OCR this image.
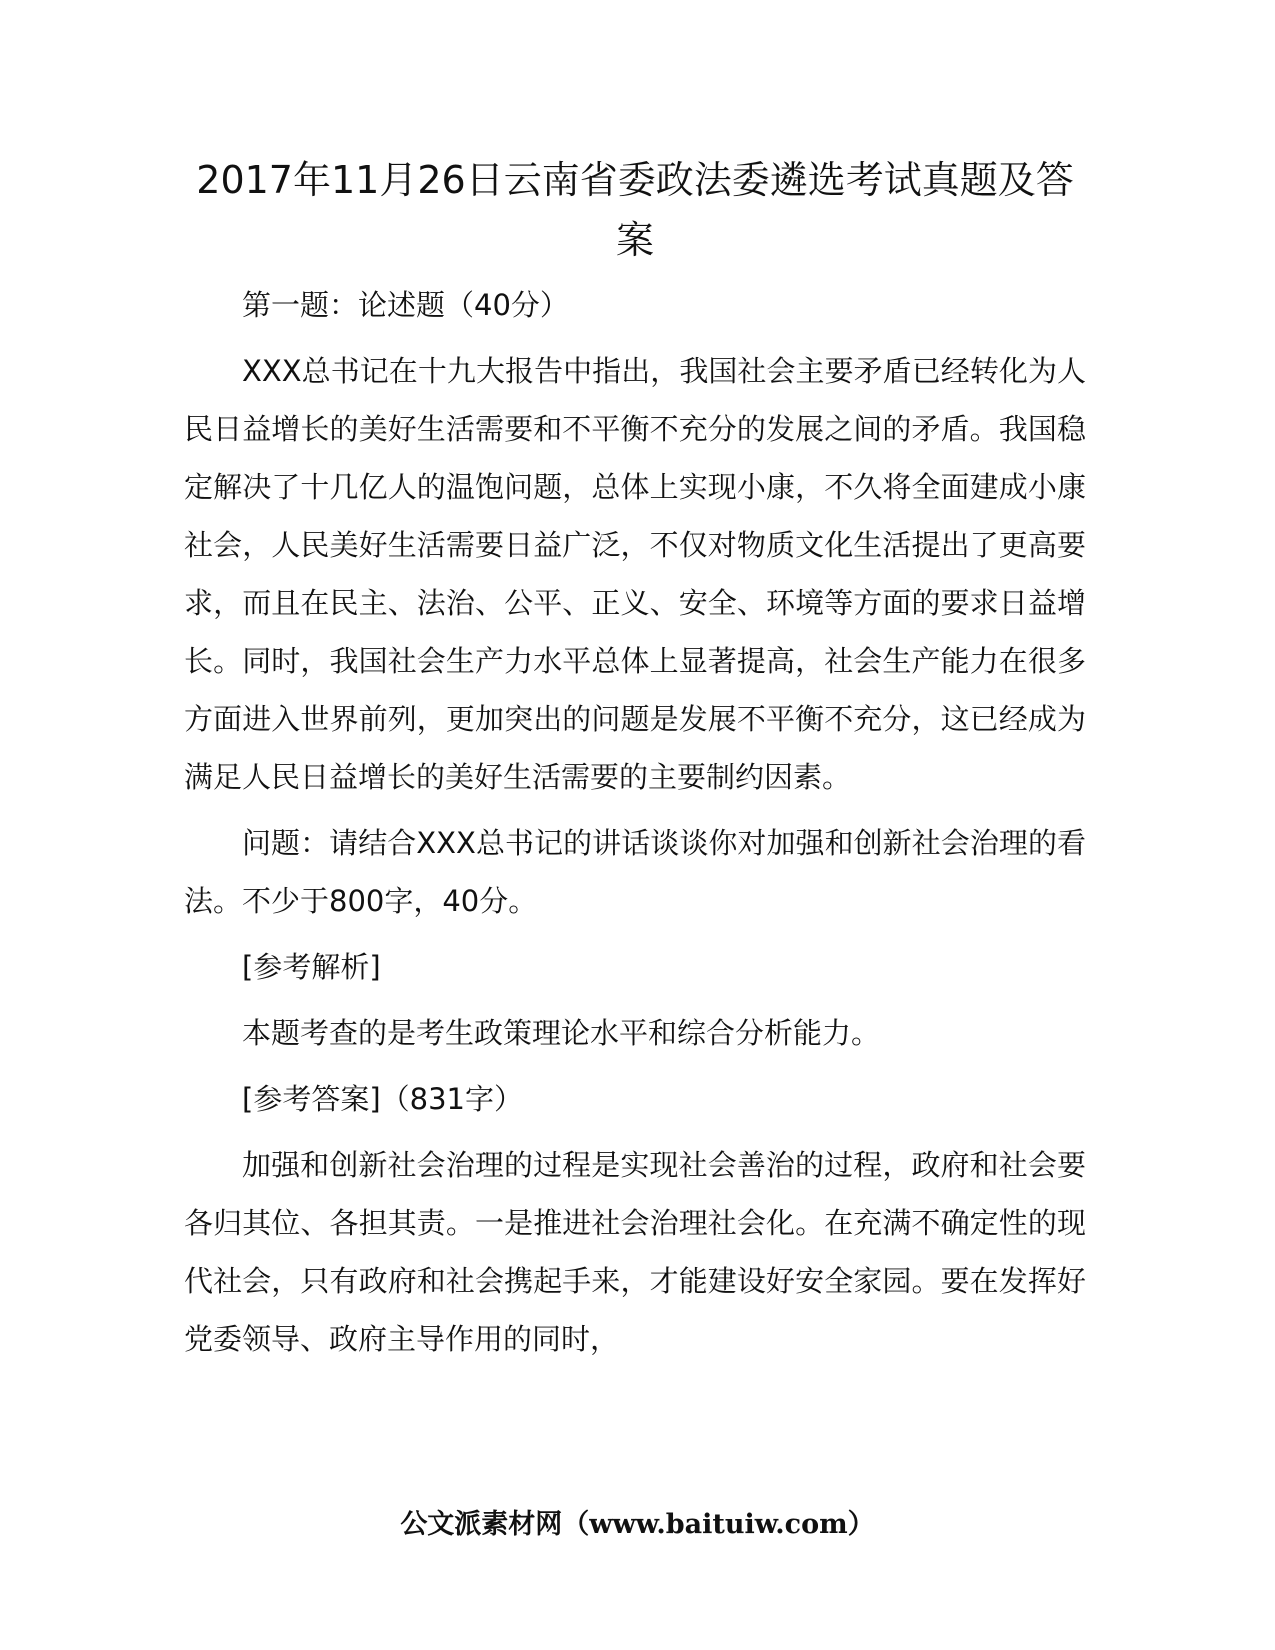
2017年11月26日云南省委政法委遴选考试真题及答案

第一题：论述题（40分）

XXX总书记在十九大报告中指出，我国社会主要矛盾已经转化为人民日益增长的美好生活需要和不平衡不充分的发展之间的矛盾。我国稳定解决了十几亿人的温饱问题，总体上实现小康，不久将全面建成小康社会，人民美好生活需要日益广泛，不仅对物质文化生活提出了更高要求，而且在民主、法治、公平、正义、安全、环境等方面的要求日益增长。同时，我国社会生产力水平总体上显著提高，社会生产能力在很多方面进入世界前列，更加突出的问题是发展不平衡不充分，这已经成为满足人民日益增长的美好生活需要的主要制约因素。

问题：请结合XXX总书记的讲话谈谈你对加强和创新社会治理的看法。不少于800字，40分。

[参考解析]

本题考查的是考生政策理论水平和综合分析能力。

[参考答案]（831字）

加强和创新社会治理的过程是实现社会善治的过程，政府和社会要各归其位、各担其责。一是推进社会治理社会化。在充满不确定性的现代社会，只有政府和社会携起手来，才能建设好安全家园。要在发挥好党委领导、政府主导作用的同时，

公文派素材网（www.baituiw.com）
